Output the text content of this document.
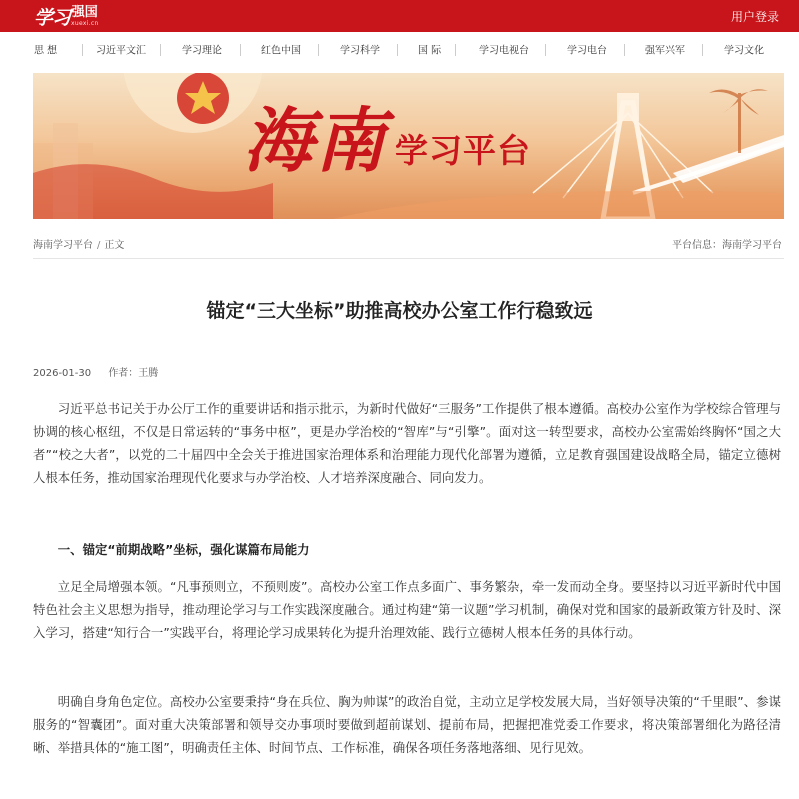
学习 强国
xuexi.cn	用户登录
思 想	习近平文汇	学习理论	红色中国	学习科学	国 际	学习电视台	学习电台	强军兴军	学习文化
海南 学习平台
海南学习平台 / 正文	平台信息：海南学习平台
锚定“三大坐标”助推高校办公室工作行稳致远
2026-01-30 作者：王腾

习近平总书记关于办公厅工作的重要讲话和指示批示，为新时代做好“三服务”工作提供了根本遵循。高校办公室作为学校综合管理与协调的核心枢纽，不仅是日常运转的“事务中枢”，更是办学治校的“智库”与“引擎”。面对这一转型要求，高校办公室需始终胸怀“国之大者”“校之大者”，以党的二十届四中全会关于推进国家治理体系和治理能力现代化部署为遵循，立足教育强国建设战略全局，锚定立德树人根本任务，推动国家治理现代化要求与办学治校、人才培养深度融合、同向发力。

一、锚定“前期战略”坐标，强化谋篇布局能力

立足全局增强本领。“凡事预则立，不预则废”。高校办公室工作点多面广、事务繁杂，牵一发而动全身。要坚持以习近平新时代中国特色社会主义思想为指导，推动理论学习与工作实践深度融合。通过构建“第一议题”学习机制，确保对党和国家的最新政策方针及时、深入学习，搭建“知行合一”实践平台，将理论学习成果转化为提升治理效能、践行立德树人根本任务的具体行动。

明确自身角色定位。高校办公室要秉持“身在兵位、胸为帅谋”的政治自觉，主动立足学校发展大局，当好领导决策的“千里眼”、参谋服务的“智囊团”。面对重大决策部署和领导交办事项时要做到超前谋划、提前布局，把握把准党委工作要求，将决策部署细化为路径清晰、举措具体的“施工图”，明确责任主体、时间节点、工作标准，确保各项任务落地落细、见行见效。
